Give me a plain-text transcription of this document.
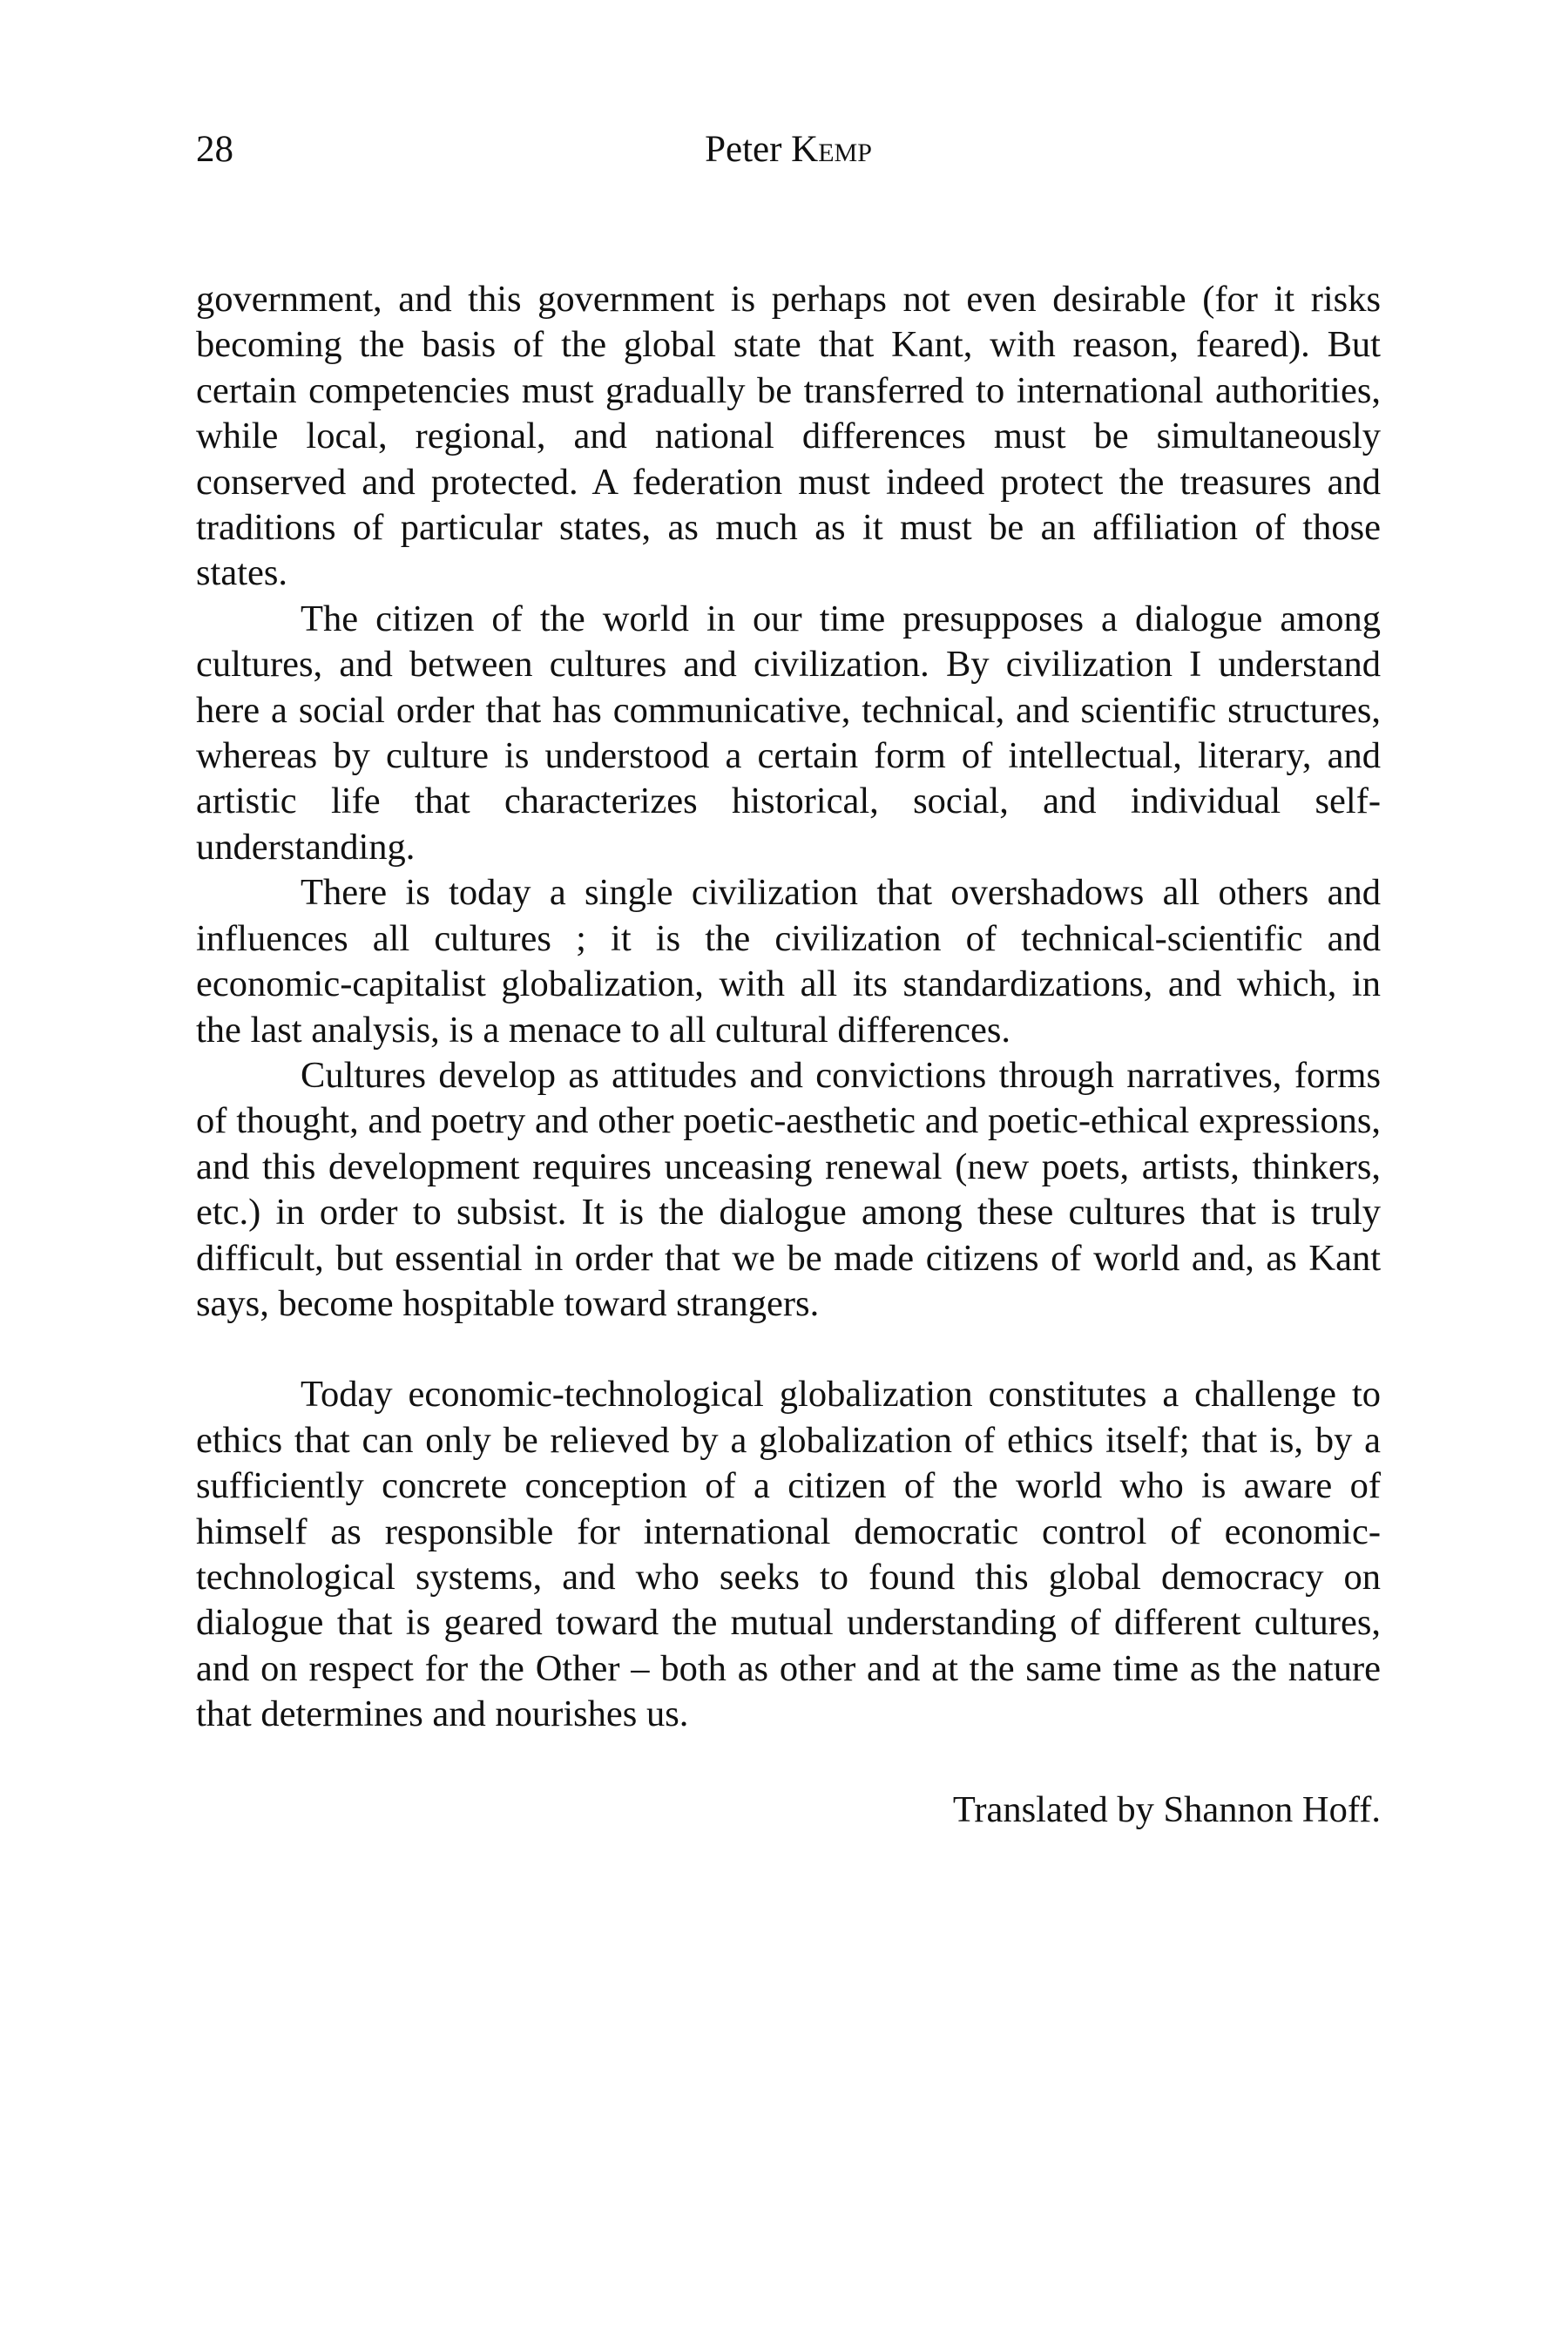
28	Peter Kemp

government, and this government is perhaps not even desirable (for it risks becoming the basis of the global state that Kant, with reason, feared). But certain competencies must gradually be transferred to international authorities, while local, regional, and national differences must be simultaneously conserved and protected. A federation must indeed protect the treasures and traditions of particular states, as much as it must be an affiliation of those states.

The citizen of the world in our time presupposes a dialogue among cultures, and between cultures and civilization. By civilization I understand here a social order that has communicative, technical, and scientific structures, whereas by culture is understood a certain form of intellectual, literary, and artistic life that characterizes historical, social, and individual self-understanding.

There is today a single civilization that overshadows all others and influences all cultures ; it is the civilization of technical-scientific and economic-capitalist globalization, with all its standardizations, and which, in the last analysis, is a menace to all cultural differences.

Cultures develop as attitudes and convictions through narratives, forms of thought, and poetry and other poetic-aesthetic and poetic-ethical expressions, and this development requires unceasing renewal (new poets, artists, thinkers, etc.) in order to subsist. It is the dialogue among these cultures that is truly difficult, but essential in order that we be made citizens of world and, as Kant says, become hospitable toward strangers.

Today economic-technological globalization constitutes a challenge to ethics that can only be relieved by a globalization of ethics itself; that is, by a sufficiently concrete conception of a citizen of the world who is aware of himself as responsible for international democratic control of economic-technological systems, and who seeks to found this global democracy on dialogue that is geared toward the mutual understanding of different cultures, and on respect for the Other – both as other and at the same time as the nature that determines and nourishes us.

Translated by Shannon Hoff.
